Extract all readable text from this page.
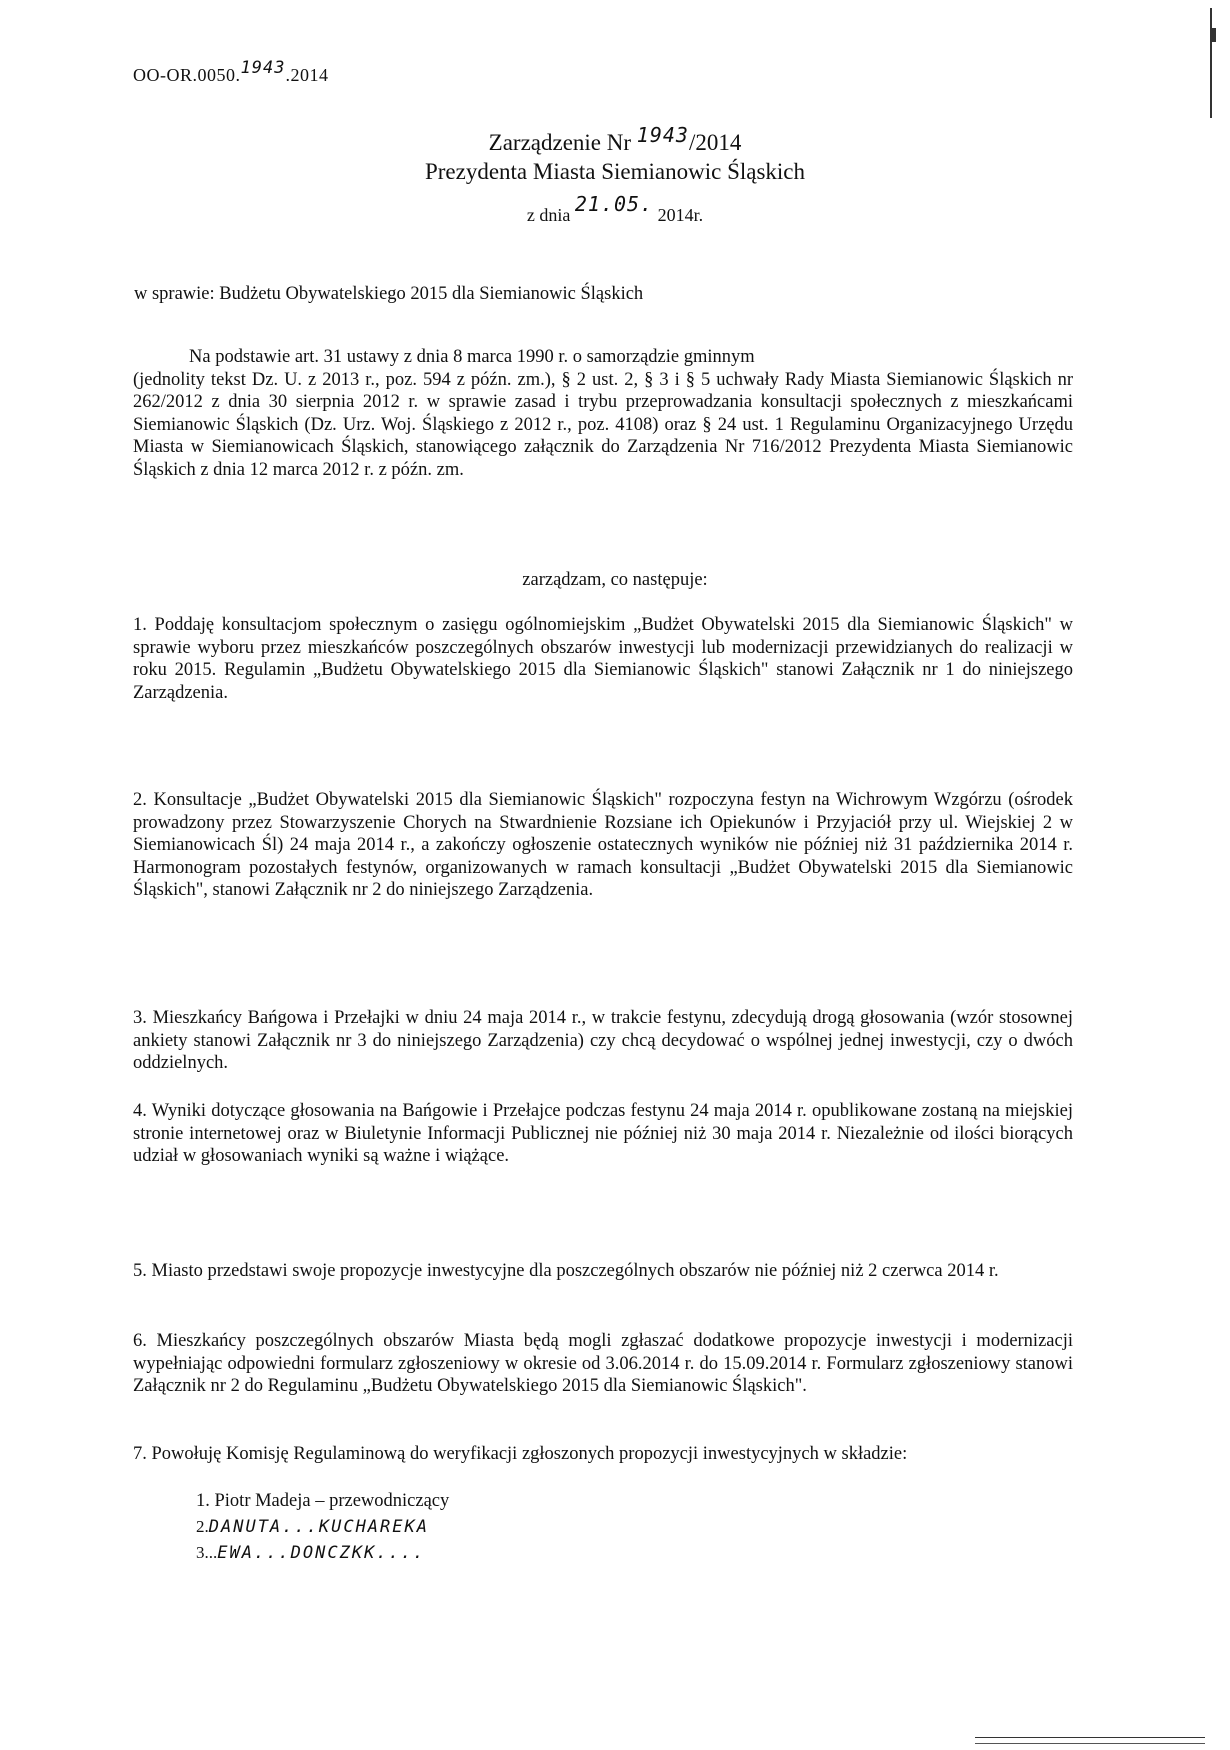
OO-OR.0050.1943.2014
Zarządzenie Nr 1943/2014
Prezydenta Miasta Siemianowic Śląskich
z dnia 21.05. 2014r.
w sprawie: Budżetu Obywatelskiego 2015 dla Siemianowic Śląskich
Na podstawie art. 31 ustawy z dnia 8 marca 1990 r. o samorządzie gminnym
(jednolity tekst Dz. U. z 2013 r., poz. 594 z późn. zm.), § 2 ust. 2, § 3 i § 5 uchwały Rady Miasta Siemianowic Śląskich nr 262/2012 z dnia 30 sierpnia 2012 r. w sprawie zasad i trybu przeprowadzania konsultacji społecznych z mieszkańcami Siemianowic Śląskich (Dz. Urz. Woj. Śląskiego z 2012 r., poz. 4108) oraz § 24 ust. 1 Regulaminu Organizacyjnego Urzędu Miasta w Siemianowicach Śląskich, stanowiącego załącznik do Zarządzenia Nr 716/2012 Prezydenta Miasta Siemianowic Śląskich z dnia 12 marca 2012 r. z późn. zm.
zarządzam, co następuje:
1. Poddaję konsultacjom społecznym o zasięgu ogólnomiejskim „Budżet Obywatelski 2015 dla Siemianowic Śląskich" w sprawie wyboru przez mieszkańców poszczególnych obszarów inwestycji lub modernizacji przewidzianych do realizacji w roku 2015. Regulamin „Budżetu Obywatelskiego 2015 dla Siemianowic Śląskich" stanowi Załącznik nr 1 do niniejszego Zarządzenia.
2. Konsultacje „Budżet Obywatelski 2015 dla Siemianowic Śląskich" rozpoczyna festyn na Wichrowym Wzgórzu (ośrodek prowadzony przez Stowarzyszenie Chorych na Stwardnienie Rozsiane ich Opiekunów i Przyjaciół przy ul. Wiejskiej 2 w Siemianowicach Śl) 24 maja 2014 r., a zakończy ogłoszenie ostatecznych wyników nie później niż 31 października 2014 r. Harmonogram pozostałych festynów, organizowanych w ramach konsultacji „Budżet Obywatelski 2015 dla Siemianowic Śląskich", stanowi Załącznik nr 2 do niniejszego Zarządzenia.
3. Mieszkańcy Bańgowa i Przełajki w dniu 24 maja 2014 r., w trakcie festynu, zdecydują drogą głosowania (wzór stosownej ankiety stanowi Załącznik nr 3 do niniejszego Zarządzenia) czy chcą decydować o wspólnej jednej inwestycji, czy o dwóch oddzielnych.
4. Wyniki dotyczące głosowania na Bańgowie i Przełajce podczas festynu 24 maja 2014 r. opublikowane zostaną na miejskiej stronie internetowej oraz w Biuletynie Informacji Publicznej nie później niż 30 maja 2014 r. Niezależnie od ilości biorących udział w głosowaniach wyniki są ważne i wiążące.
5. Miasto przedstawi swoje propozycje inwestycyjne dla poszczególnych obszarów nie później niż 2 czerwca 2014 r.
6. Mieszkańcy poszczególnych obszarów Miasta będą mogli zgłaszać dodatkowe propozycje inwestycji i modernizacji wypełniając odpowiedni formularz zgłoszeniowy w okresie od 3.06.2014 r. do 15.09.2014 r. Formularz zgłoszeniowy stanowi Załącznik nr 2 do Regulaminu „Budżetu Obywatelskiego 2015 dla Siemianowic Śląskich".
7. Powołuję Komisję Regulaminową do weryfikacji zgłoszonych propozycji inwestycyjnych w składzie:
1. Piotr Madeja – przewodniczący
2.DANUTA...KUCHAREKA
3...EWA...DONCZKK....
